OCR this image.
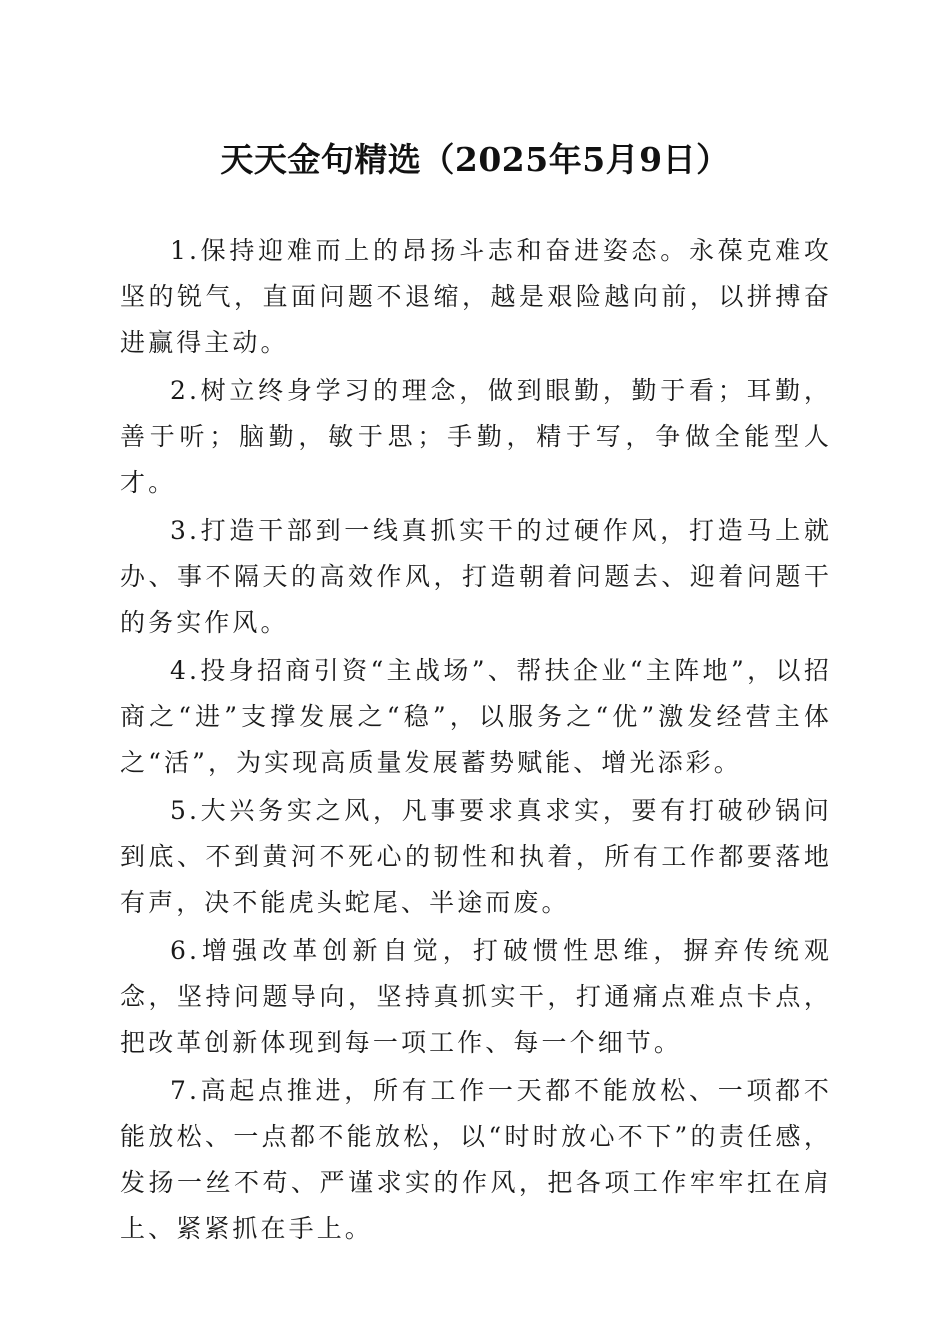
天天金句精选（2025年5月9日）

1.保持迎难而上的昂扬斗志和奋进姿态。永葆克难攻坚的锐气，直面问题不退缩，越是艰险越向前，以拼搏奋进赢得主动。

2.树立终身学习的理念，做到眼勤，勤于看；耳勤，善于听；脑勤，敏于思；手勤，精于写，争做全能型人才。

3.打造干部到一线真抓实干的过硬作风，打造马上就办、事不隔天的高效作风，打造朝着问题去、迎着问题干的务实作风。

4.投身招商引资“主战场”、帮扶企业“主阵地”，以招商之“进”支撑发展之“稳”，以服务之“优”激发经营主体之“活”，为实现高质量发展蓄势赋能、增光添彩。

5.大兴务实之风，凡事要求真求实，要有打破砂锅问到底、不到黄河不死心的韧性和执着，所有工作都要落地有声，决不能虎头蛇尾、半途而废。

6.增强改革创新自觉，打破惯性思维，摒弃传统观念，坚持问题导向，坚持真抓实干，打通痛点难点卡点，把改革创新体现到每一项工作、每一个细节。

7.高起点推进，所有工作一天都不能放松、一项都不能放松、一点都不能放松，以“时时放心不下”的责任感，发扬一丝不苟、严谨求实的作风，把各项工作牢牢扛在肩上、紧紧抓在手上。
